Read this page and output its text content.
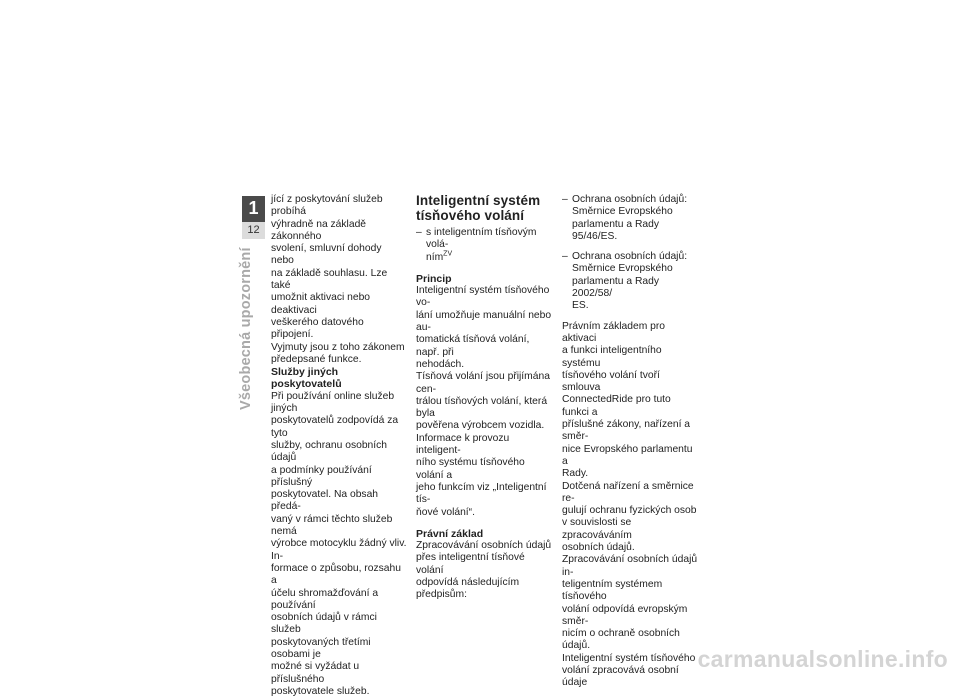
1
12
Všeobecná upozornění

jící z poskytování služeb probíhá
výhradně na základě zákonného
svolení, smluvní dohody nebo
na základě souhlasu. Lze také
umožnit aktivaci nebo deaktivaci
veškerého datového připojení.
Vyjmuty jsou z toho zákonem
předepsané funkce.

Služby jiných poskytovatelů

Při používání online služeb jiných
poskytovatelů zodpovídá za tyto
služby, ochranu osobních údajů
a podmínky používání příslušný
poskytovatel. Na obsah předá-
vaný v rámci těchto služeb nemá
výrobce motocyklu žádný vliv. In-
formace o způsobu, rozsahu a
účelu shromažďování a používání
osobních údajů v rámci služeb
poskytovaných třetími osobami je
možné si vyžádat u příslušného
poskytovatele služeb.

Inteligentní systém
tísňového volání

– s inteligentním tísňovým volá-
ním$^{ZV}$

Princip

Inteligentní systém tísňového vo-
lání umožňuje manuální nebo au-
tomatická tísňová volání, např. při
nehodách.
Tísňová volání jsou přijímána cen-
trálou tísňových volání, která byla
pověřena výrobcem vozidla.
Informace k provozu inteligent-
ního systému tísňového volání a
jeho funkcím viz „Inteligentní tís-
ňové volání“.

Právní základ

Zpracovávání osobních údajů
přes inteligentní tísňové volání
odpovídá následujícím předpisům:

– Ochrana osobních údajů:
Směrnice Evropského
parlamentu a Rady 95/46/ES.

– Ochrana osobních údajů:
Směrnice Evropského
parlamentu a Rady 2002/58/
ES.

Právním základem pro aktivaci
a funkci inteligentního systému
tísňového volání tvoří smlouva
ConnectedRide pro tuto funkci a
příslušné zákony, nařízení a směr-
nice Evropského parlamentu a
Rady.

Dotčená nařízení a směrnice re-
gulují ochranu fyzických osob
v souvislosti se zpracováváním
osobních údajů.
Zpracovávání osobních údajů in-
teligentním systémem tísňového
volání odpovídá evropským směr-
nicím o ochraně osobních údajů.
Inteligentní systém tísňového
volání zpracovává osobní údaje

carmanualsonline.info
